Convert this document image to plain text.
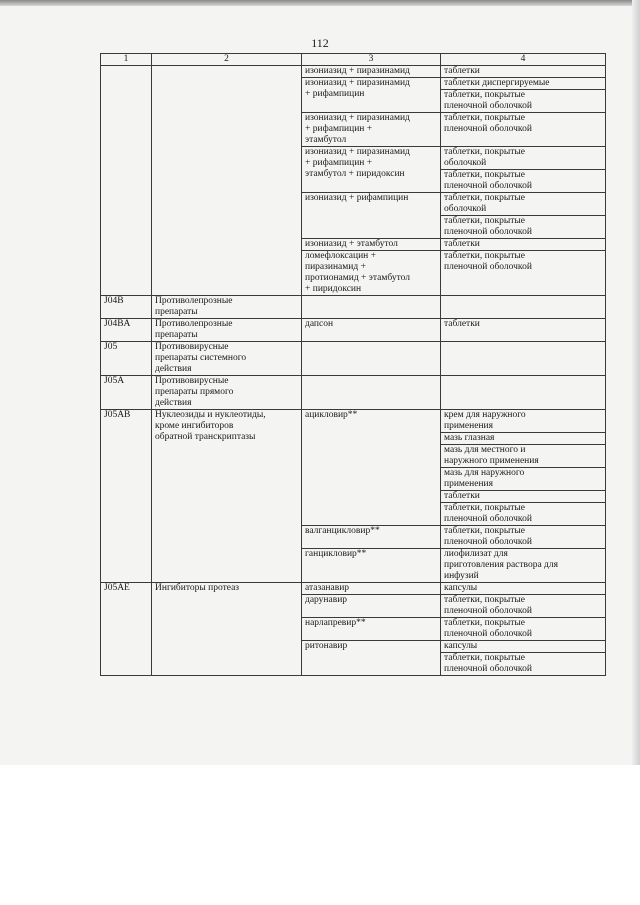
112
1	2	3	4
		изониазид + пиразинамид	таблетки
		изониазид + пиразинамид
+ рифампицин	таблетки диспергируемые
			таблетки, покрытые
пленочной оболочкой
		изониазид + пиразинамид
+ рифампицин +
этамбутол	таблетки, покрытые
пленочной оболочкой
		изониазид + пиразинамид
+ рифампицин +
этамбутол + пиридоксин	таблетки, покрытые
оболочкой
			таблетки, покрытые
пленочной оболочкой
		изониазид + рифампицин	таблетки, покрытые
оболочкой
			таблетки, покрытые
пленочной оболочкой
		изониазид + этамбутол	таблетки
		ломефлоксацин +
пиразинамид +
протионамид + этамбутол
+ пиридоксин	таблетки, покрытые
пленочной оболочкой
J04B	Противолепрозные
препараты		
J04BA	Противолепрозные
препараты	дапсон	таблетки
J05	Противовирусные
препараты системного
действия		
J05A	Противовирусные
препараты прямого
действия		
J05AB	Нуклеозиды и нуклеотиды,
кроме ингибиторов
обратной транскриптазы	ацикловир**	крем для наружного
применения
			мазь глазная
			мазь для местного и
наружного применения
			мазь для наружного
применения
			таблетки
			таблетки, покрытые
пленочной оболочкой
		валганцикловир**	таблетки, покрытые
пленочной оболочкой
		ганцикловир**	лиофилизат для
приготовления раствора для
инфузий
J05AE	Ингибиторы протеаз	атазанавир	капсулы
		дарунавир	таблетки, покрытые
пленочной оболочкой
		нарлапревир**	таблетки, покрытые
пленочной оболочкой
		ритонавир	капсулы
			таблетки, покрытые
пленочной оболочкой
